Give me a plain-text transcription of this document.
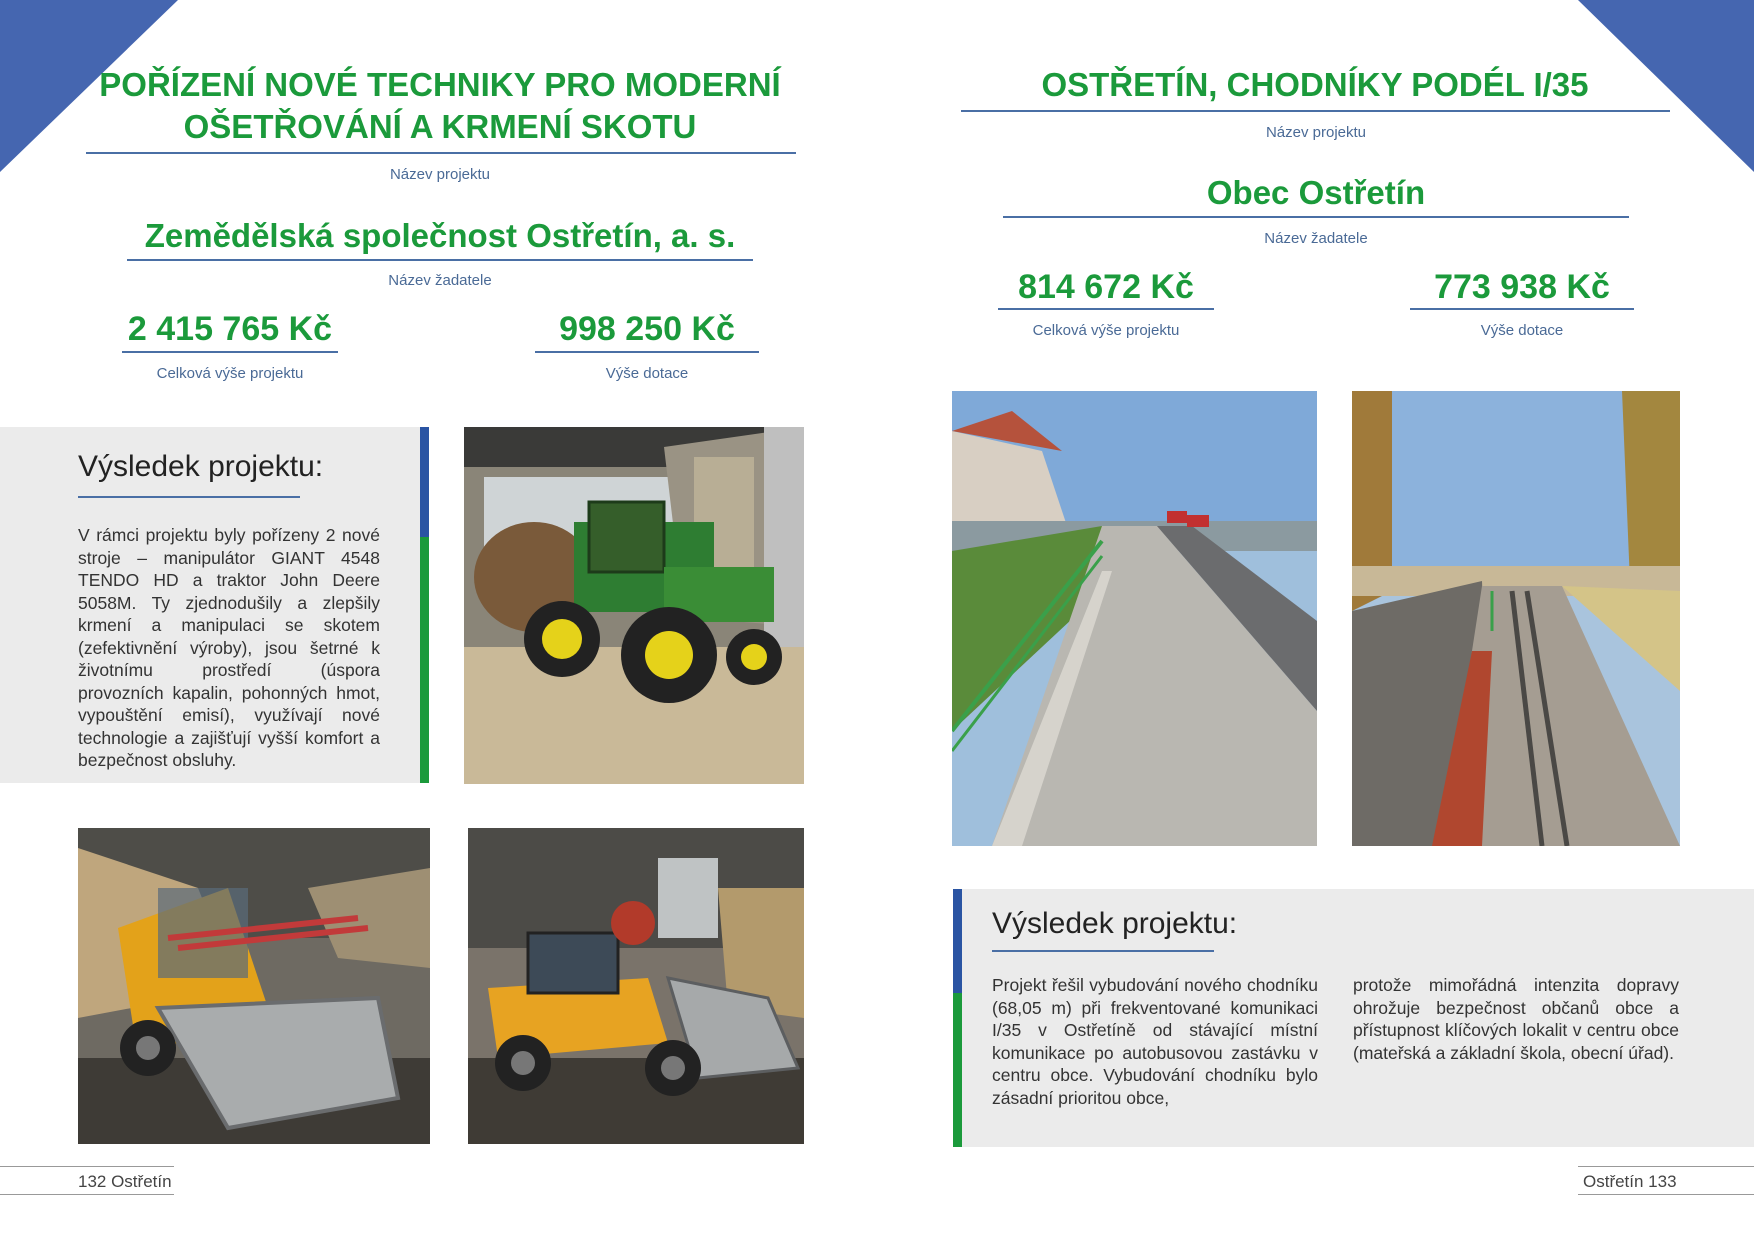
POŘÍZENÍ NOVÉ TECHNIKY PRO MODERNÍ
OŠETŘOVÁNÍ A KRMENÍ SKOTU
Název projektu
Zemědělská společnost Ostřetín, a. s.
Název žadatele
2 415 765 Kč
Celková výše projektu
998 250 Kč
Výše dotace
Výsledek projektu:
V rámci projektu byly pořízeny 2 nové stroje – manipulátor GIANT 4548 TENDO HD a traktor John Deere 5058M. Ty zjednodušily a zlepšily krmení a manipulaci se skotem (zefektivnění výroby), jsou šetrné k životnímu prostředí (úspora provozních kapalin, pohonných hmot, vypouštění emisí), využívají nové technologie a zajišťují vyšší komfort a bezpečnost obsluhy.
132 Ostřetín
OSTŘETÍN, CHODNÍKY PODÉL I/35
Název projektu
Obec Ostřetín
Název žadatele
814 672 Kč
Celková výše projektu
773 938 Kč
Výše dotace
Výsledek projektu:
Projekt řešil vybudování nového chodníku (68,05 m) při frekventované komunikaci I/35 v Ostřetíně od stávající místní komunikace po autobusovou zastávku v centru obce. Vybudování chodníku bylo zásadní prioritou obce,
protože mimořádná intenzita dopravy ohrožuje bezpečnost občanů obce a přístupnost klíčových lokalit v centru obce (mateřská a základní škola, obecní úřad).
Ostřetín 133
